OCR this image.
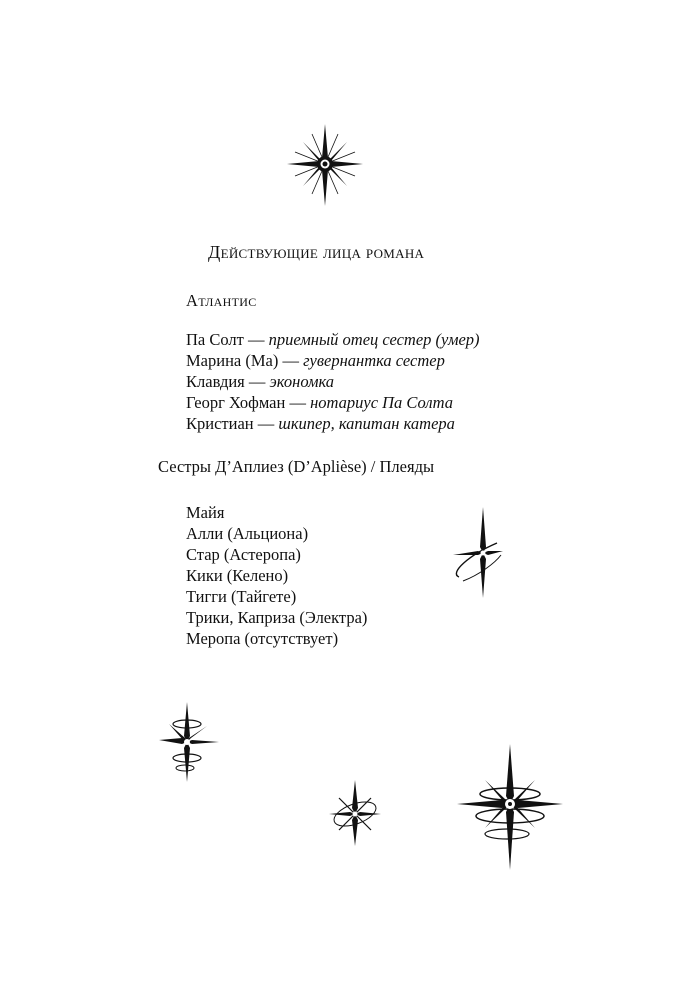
Действующие лица романа
Атлантис
Па Солт — приемный отец сестер (умер)
Марина (Ма) — гувернантка сестер
Клавдия — экономка
Георг Хофман — нотариус Па Солта
Кристиан — шкипер, капитан катера
Сестры Д’Аплиез (D’Aplièse) / Плеяды
Майя
Алли (Альциона)
Стар (Астеропа)
Кики (Келено)
Тигги (Тайгете)
Трики, Каприза (Электра)
Меропа (отсутствует)
